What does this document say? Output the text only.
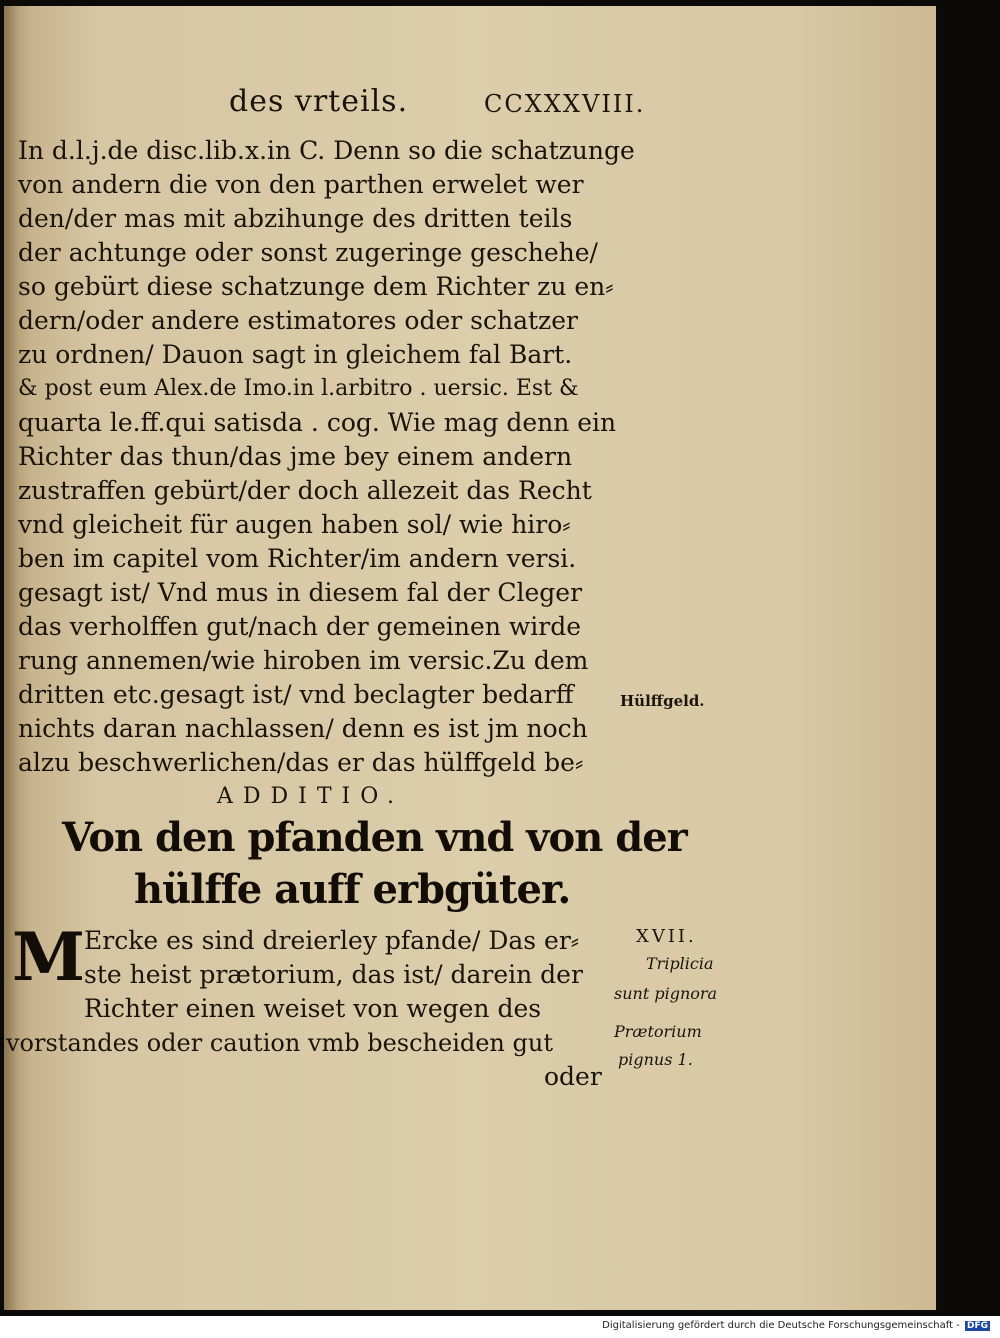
des vrteils.	CCXXXVIII.
In d.l.j.de disc.lib.x.in C. Denn so die schatzunge
von andern die von den parthen erwelet wer
den/der mas mit abzihunge des dritten teils
der achtunge oder sonst zugeringe geschehe/
so gebürt diese schatzunge dem Richter zu en⸗
dern/oder andere estimatores oder schatzer
zu ordnen/ Dauon sagt in gleichem fal Bart.
& post eum Alex.de Imo.in l.arbitro . uersic. Est &
quarta le.ff.qui satisda . cog. Wie mag denn ein
Richter das thun/das jme bey einem andern
zustraffen gebürt/der doch allezeit das Recht
vnd gleicheit für augen haben sol/ wie hiro⸗
ben im capitel vom Richter/im andern versi.
gesagt ist/ Vnd mus in diesem fal der Cleger
das verholffen gut/nach der gemeinen wirde
rung annemen/wie hiroben im versic.Zu dem
dritten etc.gesagt ist/ vnd beclagter bedarff
nichts daran nachlassen/ denn es ist jm noch
alzu beschwerlichen/das er das hülffgeld be⸗
Hülffgeld.
ADDITIO.
Von den pfanden vnd von der
hülffe auff erbgüter.
M
Ercke es sind dreierley pfande/ Das er⸗
ste heist prætorium, das ist/ darein der
Richter einen weiset von wegen des
vorstandes oder caution vmb bescheiden gut
oder
XVII.
Triplicia
sunt pignora
Prætorium
pignus 1.
Digitalisierung gefördert durch die Deutsche Forschungsgemeinschaft - DFG
